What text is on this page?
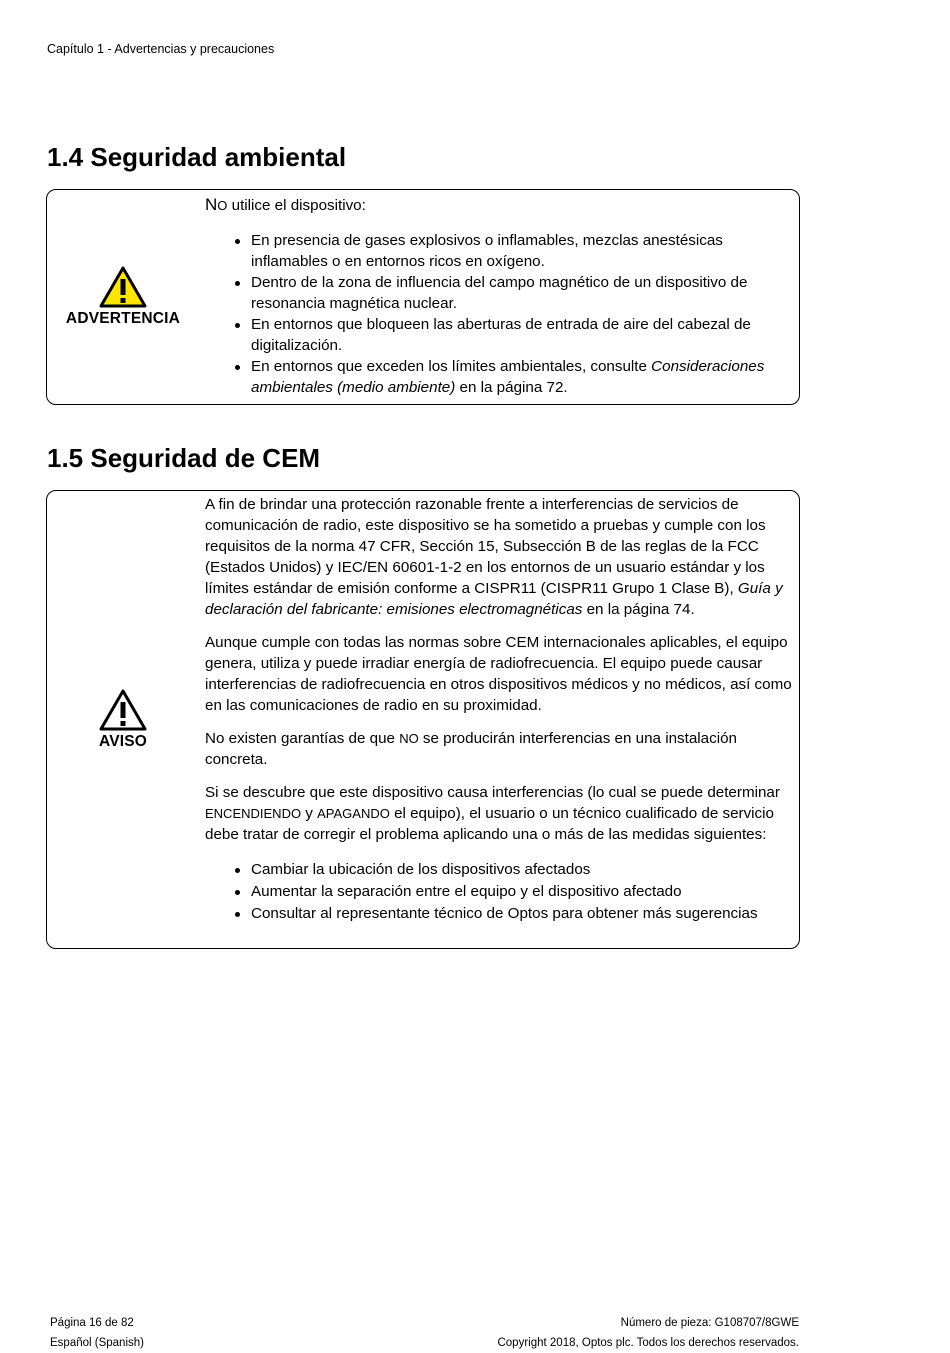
Capítulo 1 - Advertencias y precauciones
1.4 Seguridad ambiental
ADVERTENCIA

NO utilice el dispositivo:

En presencia de gases explosivos o inflamables, mezclas anestésicas inflamables o en entornos ricos en oxígeno.
Dentro de la zona de influencia del campo magnético de un dispositivo de resonancia magnética nuclear.
En entornos que bloqueen las aberturas de entrada de aire del cabezal de digitalización.
En entornos que exceden los límites ambientales, consulte Consideraciones ambientales (medio ambiente) en la página 72.
1.5 Seguridad de CEM
AVISO

A fin de brindar una protección razonable frente a interferencias de servicios de comunicación de radio, este dispositivo se ha sometido a pruebas y cumple con los requisitos de la norma 47 CFR, Sección 15, Subsección B de las reglas de la FCC (Estados Unidos) y IEC/EN 60601-1-2 en los entornos de un usuario estándar y los límites estándar de emisión conforme a CISPR11 (CISPR11 Grupo 1 Clase B), Guía y declaración del fabricante: emisiones electromagnéticas en la página 74.

Aunque cumple con todas las normas sobre CEM internacionales aplicables, el equipo genera, utiliza y puede irradiar energía de radiofrecuencia. El equipo puede causar interferencias de radiofrecuencia en otros dispositivos médicos y no médicos, así como en las comunicaciones de radio en su proximidad.

No existen garantías de que NO se producirán interferencias en una instalación concreta.

Si se descubre que este dispositivo causa interferencias (lo cual se puede determinar ENCENDIENDO y APAGANDO el equipo), el usuario o un técnico cualificado de servicio debe tratar de corregir el problema aplicando una o más de las medidas siguientes:

Cambiar la ubicación de los dispositivos afectados
Aumentar la separación entre el equipo y el dispositivo afectado
Consultar al representante técnico de Optos para obtener más sugerencias
Página 16 de 82
Español (Spanish)
Número de pieza: G108707/8GWE
Copyright 2018, Optos plc. Todos los derechos reservados.
